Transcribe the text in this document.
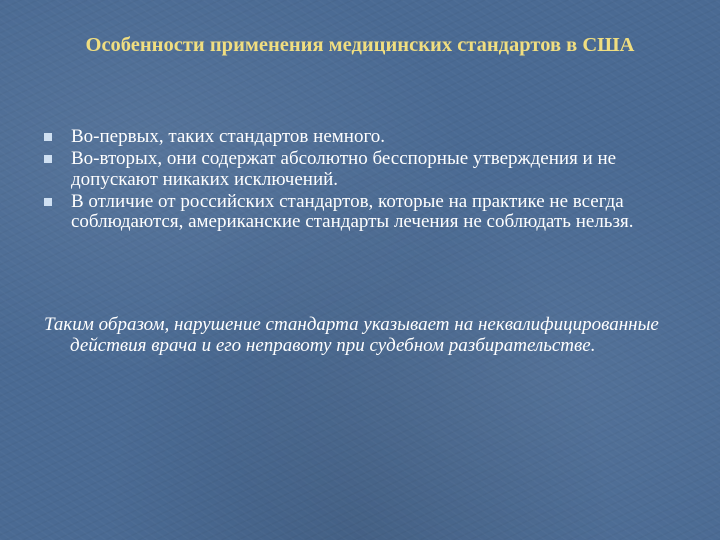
Особенности применения медицинских стандартов в США
Во-первых, таких стандартов немного.
Во-вторых, они содержат абсолютно бесспорные утверждения и не допускают никаких исключений.
В отличие от российских стандартов, которые на практике не всегда соблюдаются, американские стандарты лечения не соблюдать нельзя.
Таким образом, нарушение стандарта указывает на неквалифицированные действия врача и его неправоту при судебном разбирательстве.
